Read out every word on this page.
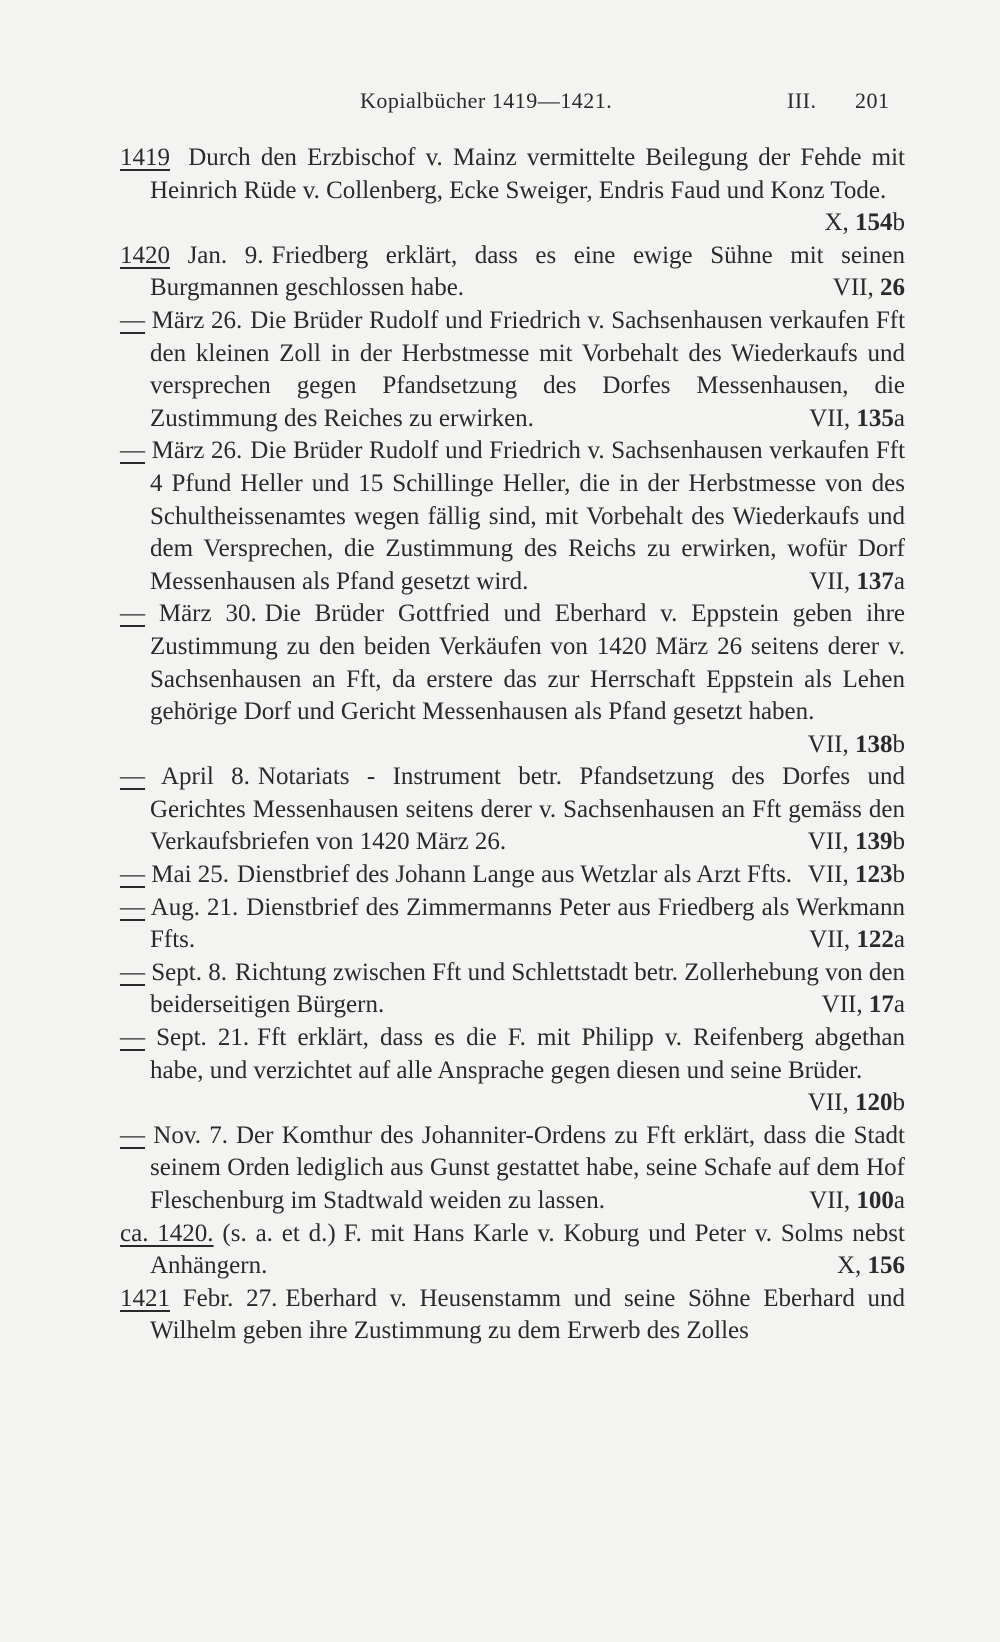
Kopialbücher 1419—1421.	III. 201

1419 Durch den Erzbischof v. Mainz vermittelte Beilegung der Fehde mit Heinrich Rüde v. Collenberg, Ecke Sweiger, Endris Faud und Konz Tode.
X, 154b

1420 Jan. 9. Friedberg erklärt, dass es eine ewige Sühne mit seinen Burgmannen geschlossen habe.	VII, 26

— März 26. Die Brüder Rudolf und Friedrich v. Sachsenhausen verkaufen Fft den kleinen Zoll in der Herbstmesse mit Vorbehalt des Wiederkaufs und versprechen gegen Pfandsetzung des Dorfes Messenhausen, die Zustimmung des Reiches zu erwirken.	VII, 135a

— März 26. Die Brüder Rudolf und Friedrich v. Sachsenhausen verkaufen Fft 4 Pfund Heller und 15 Schillinge Heller, die in der Herbstmesse von des Schultheissenamtes wegen fällig sind, mit Vorbehalt des Wiederkaufs und dem Versprechen, die Zustimmung des Reichs zu erwirken, wofür Dorf Messenhausen als Pfand gesetzt wird.	VII, 137a

— März 30. Die Brüder Gottfried und Eberhard v. Eppstein geben ihre Zustimmung zu den beiden Verkäufen von 1420 März 26 seitens derer v. Sachsenhausen an Fft, da erstere das zur Herrschaft Eppstein als Lehen gehörige Dorf und Gericht Messenhausen als Pfand gesetzt haben.
VII, 138b

— April 8. Notariats - Instrument betr. Pfandsetzung des Dorfes und Gerichtes Messenhausen seitens derer v. Sachsenhausen an Fft gemäss den Verkaufsbriefen von 1420 März 26.	VII, 139b

— Mai 25. Dienstbrief des Johann Lange aus Wetzlar als Arzt Ffts. VII, 123b

— Aug. 21. Dienstbrief des Zimmermanns Peter aus Friedberg als Werkmann Ffts.	VII, 122a

— Sept. 8. Richtung zwischen Fft und Schlettstadt betr. Zollerhebung von den beiderseitigen Bürgern.	VII, 17a

— Sept. 21. Fft erklärt, dass es die F. mit Philipp v. Reifenberg abgethan habe, und verzichtet auf alle Ansprache gegen diesen und seine Brüder.
VII, 120b

— Nov. 7. Der Komthur des Johanniter-Ordens zu Fft erklärt, dass die Stadt seinem Orden lediglich aus Gunst gestattet habe, seine Schafe auf dem Hof Fleschenburg im Stadtwald weiden zu lassen.	VII, 100a

ca. 1420. (s. a. et d.) F. mit Hans Karle v. Koburg und Peter v. Solms nebst Anhängern.	X, 156

1421 Febr. 27. Eberhard v. Heusenstamm und seine Söhne Eberhard und Wilhelm geben ihre Zustimmung zu dem Erwerb des Zolles
